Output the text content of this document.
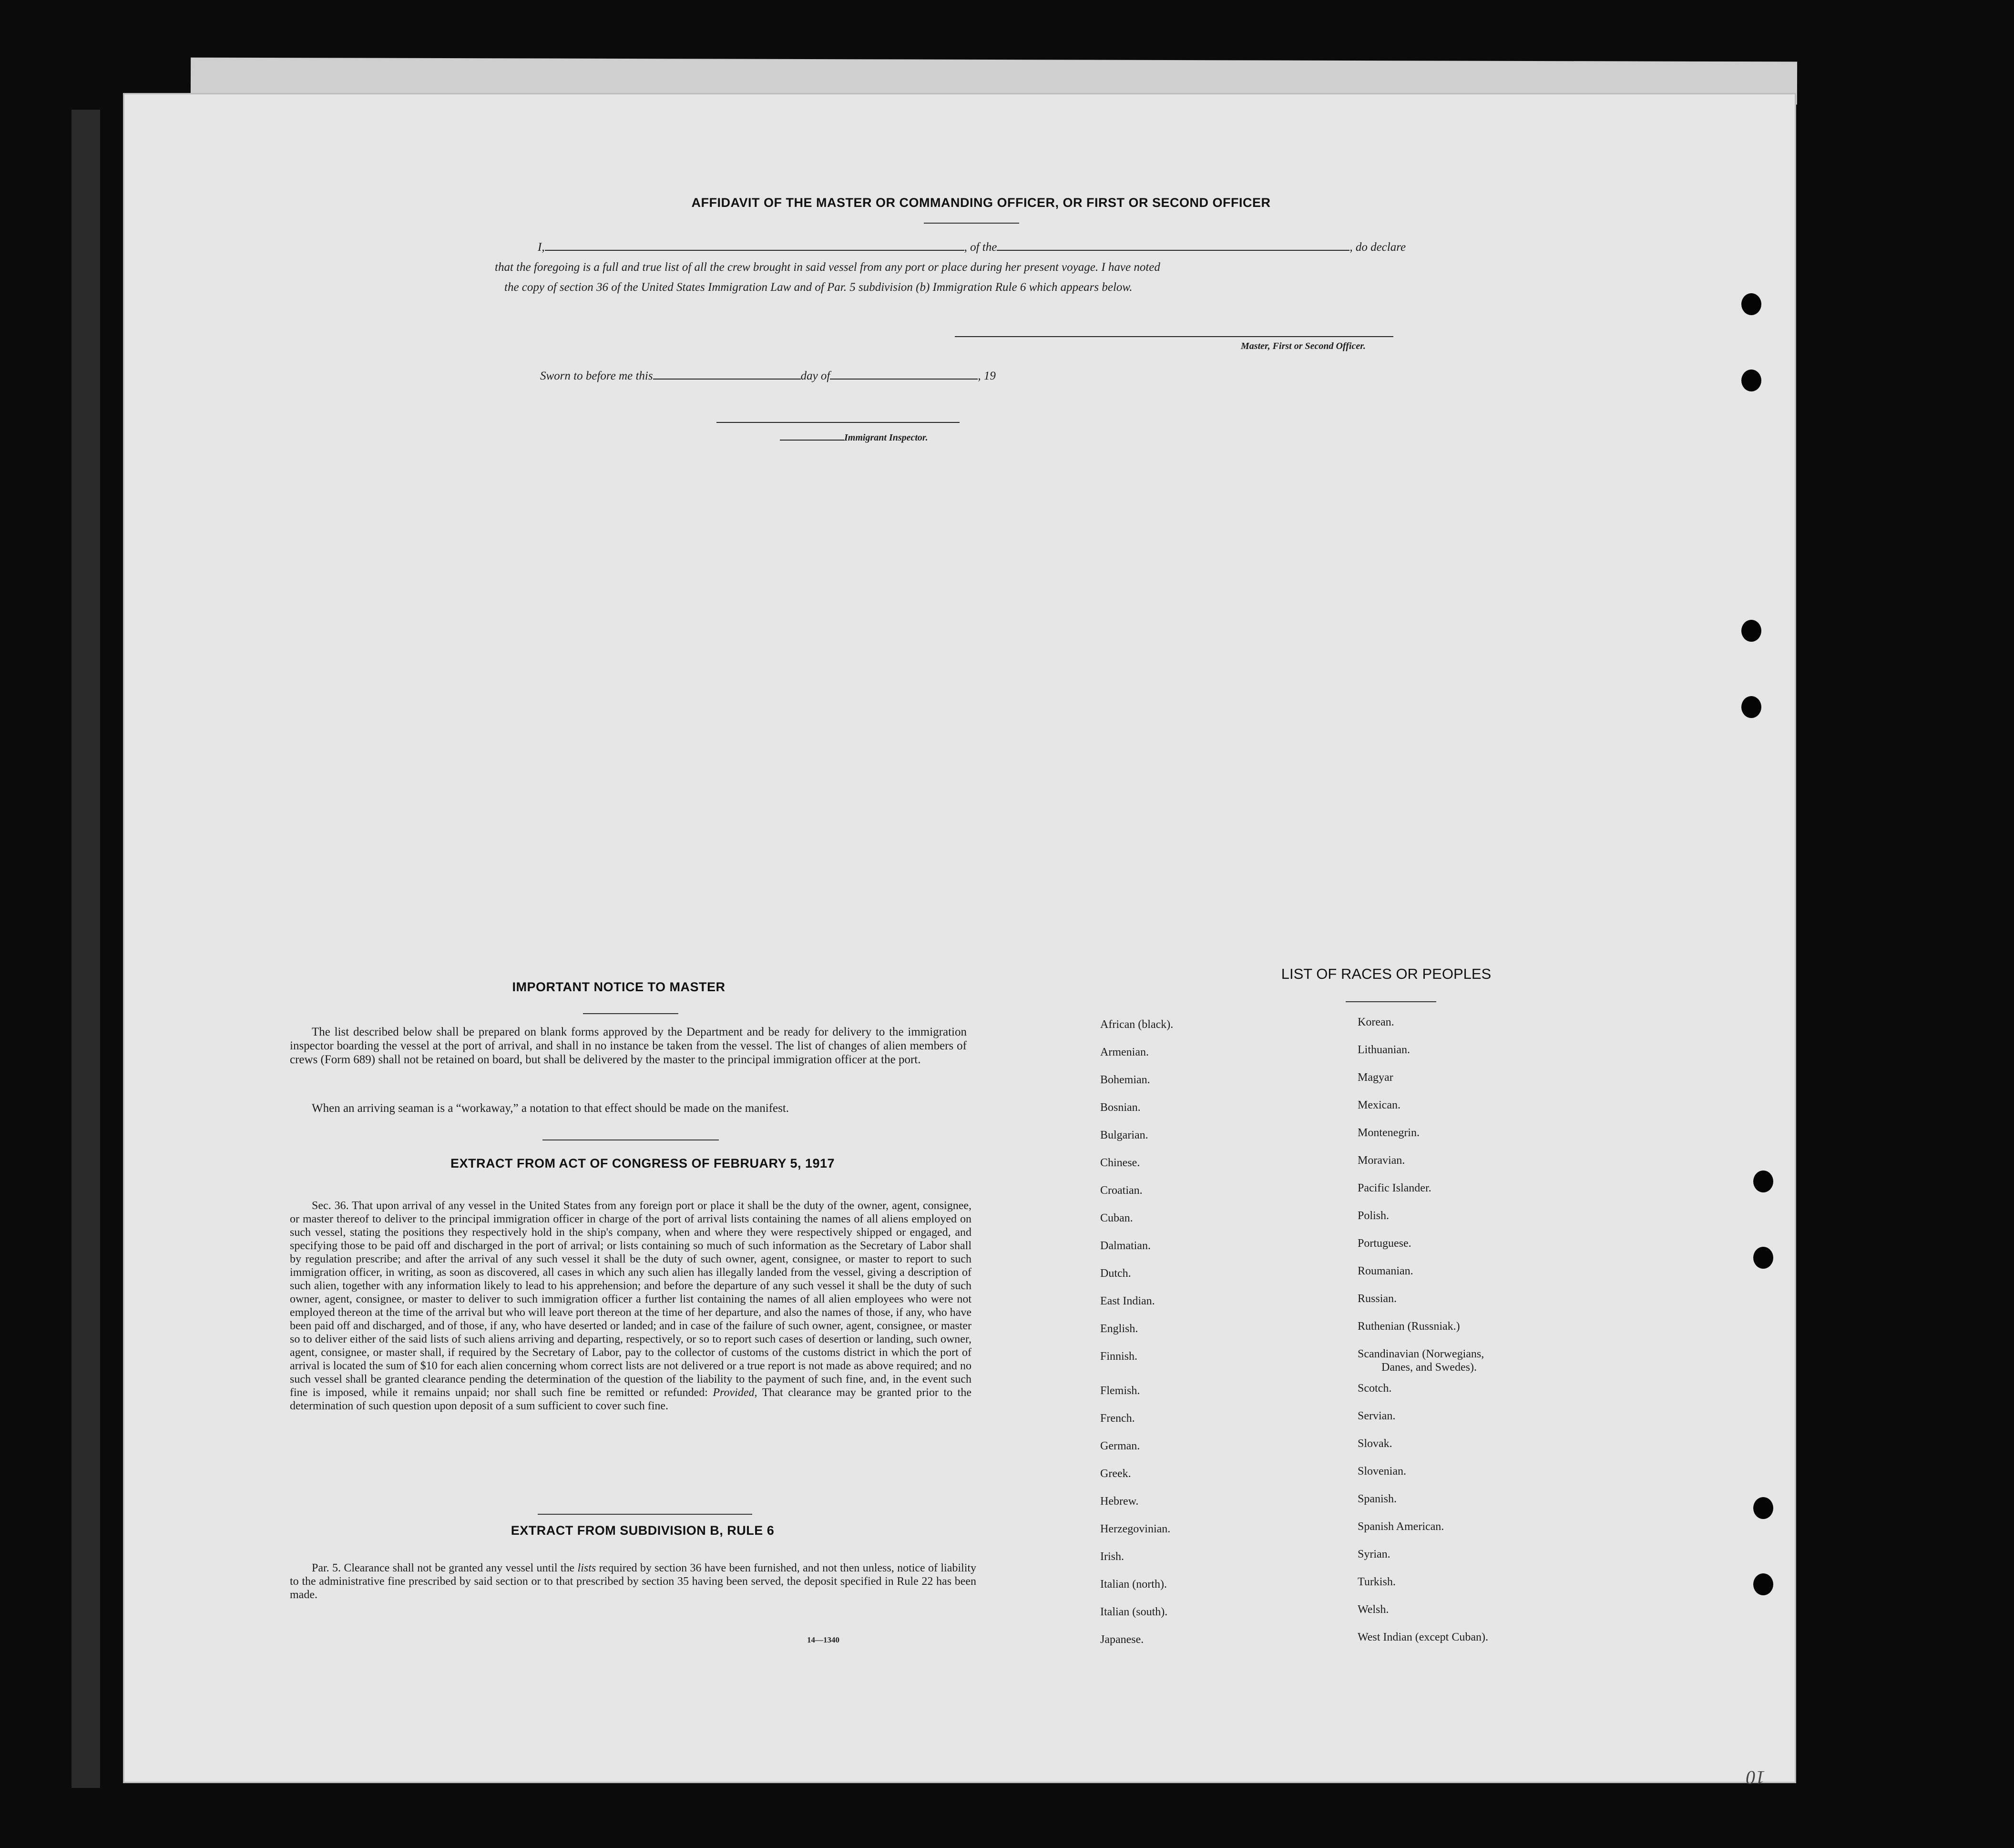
AFFIDAVIT OF THE MASTER OR COMMANDING OFFICER, OR FIRST OR SECOND OFFICER
I,	, of the	, do declare
that the foregoing is a full and true list of all the crew brought in said vessel from any port or place during her present voyage. I have noted
the copy of section 36 of the United States Immigration Law and of Par. 5 subdivision (b) Immigration Rule 6 which appears below.
Master, First or Second Officer.
Sworn to before me this	day of	, 19
Immigrant Inspector.
IMPORTANT NOTICE TO MASTER
The list described below shall be prepared on blank forms approved by the Department and be ready for delivery to the immigration inspector boarding the vessel at the port of arrival, and shall in no instance be taken from the vessel. The list of changes of alien members of crews (Form 689) shall not be retained on board, but shall be delivered by the master to the principal immigration officer at the port.
When an arriving seaman is a “workaway,” a notation to that effect should be made on the manifest.
EXTRACT FROM ACT OF CONGRESS OF FEBRUARY 5, 1917
Sec. 36. That upon arrival of any vessel in the United States from any foreign port or place it shall be the duty of the owner, agent, consignee, or master thereof to deliver to the principal immigration officer in charge of the port of arrival lists containing the names of all aliens employed on such vessel, stating the positions they respectively hold in the ship's company, when and where they were respectively shipped or engaged, and specifying those to be paid off and discharged in the port of arrival; or lists containing so much of such information as the Secretary of Labor shall by regulation prescribe; and after the arrival of any such vessel it shall be the duty of such owner, agent, consignee, or master to report to such immigration officer, in writing, as soon as discovered, all cases in which any such alien has illegally landed from the vessel, giving a description of such alien, together with any information likely to lead to his apprehension; and before the departure of any such vessel it shall be the duty of such owner, agent, consignee, or master to deliver to such immigration officer a further list containing the names of all alien employees who were not employed thereon at the time of the arrival but who will leave port thereon at the time of her departure, and also the names of those, if any, who have been paid off and discharged, and of those, if any, who have deserted or landed; and in case of the failure of such owner, agent, consignee, or master so to deliver either of the said lists of such aliens arriving and departing, respectively, or so to report such cases of desertion or landing, such owner, agent, consignee, or master shall, if required by the Secretary of Labor, pay to the collector of customs of the customs district in which the port of arrival is located the sum of $10 for each alien concerning whom correct lists are not delivered or a true report is not made as above required; and no such vessel shall be granted clearance pending the determination of the question of the liability to the payment of such fine, and, in the event such fine is imposed, while it remains unpaid; nor shall such fine be remitted or refunded: Provided, That clearance may be granted prior to the determination of such question upon deposit of a sum sufficient to cover such fine.
EXTRACT FROM SUBDIVISION B, RULE 6
Par. 5. Clearance shall not be granted any vessel until the lists required by section 36 have been furnished, and not then unless, notice of liability to the administrative fine prescribed by said section or to that prescribed by section 35 having been served, the deposit specified in Rule 22 has been made.
14—1340
LIST OF RACES OR PEOPLES
African (black).
Armenian.
Bohemian.
Bosnian.
Bulgarian.
Chinese.
Croatian.
Cuban.
Dalmatian.
Dutch.
East Indian.
English.
Finnish.
Flemish.
French.
German.
Greek.
Hebrew.
Herzegovinian.
Irish.
Italian (north).
Italian (south).
Japanese.
Korean.
Lithuanian.
Magyar
Mexican.
Montenegrin.
Moravian.
Pacific Islander.
Polish.
Portuguese.
Roumanian.
Russian.
Ruthenian (Russniak.)
Scandinavian (Norwegians,
Danes, and Swedes).
Scotch.
Servian.
Slovak.
Slovenian.
Spanish.
Spanish American.
Syrian.
Turkish.
Welsh.
West Indian (except Cuban).
10
